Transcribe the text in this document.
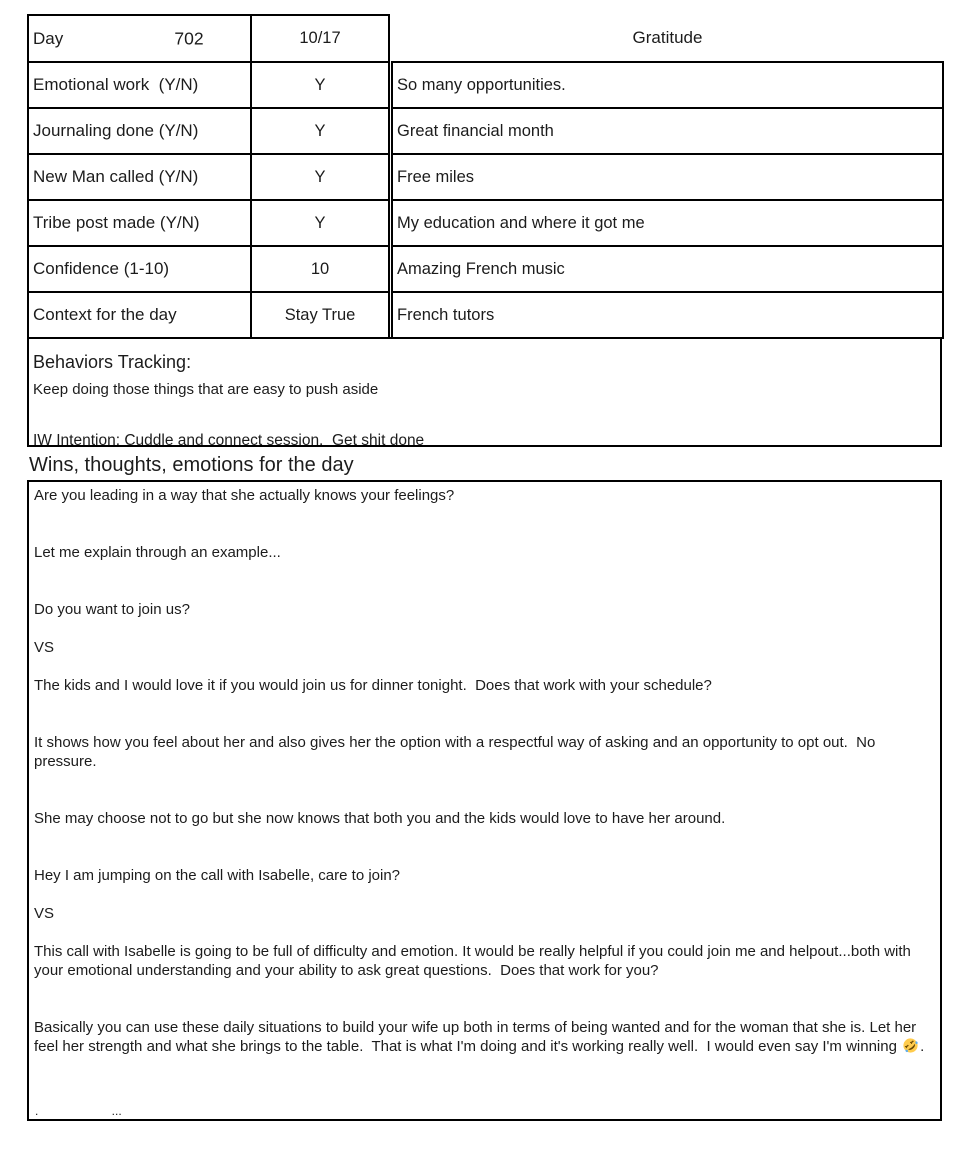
Day 702	10/17		Gratitude
Emotional work  (Y/N)	Y		So many opportunities.
Journaling done (Y/N)	Y		Great financial month
New Man called (Y/N)	Y		Free miles
Tribe post made (Y/N)	Y		My education and where it got me
Confidence (1-10)	10		Amazing French music
Context for the day	Stay True		French tutors
Behaviors Tracking:
Keep doing those things that are easy to push aside
IW Intention: Cuddle and connect session.  Get shit done
Wins, thoughts, emotions for the day
Are you leading in a way that she actually knows your feelings?
Let me explain through an example...
Do you want to join us?
VS
The kids and I would love it if you would join us for dinner tonight.  Does that work with your schedule?
It shows how you feel about her and also gives her the option with a respectful way of asking and an opportunity to opt out.  No pressure.
She may choose not to go but she now knows that both you and the kids would love to have her around.
Hey I am jumping on the call with Isabelle, care to join?
VS
This call with Isabelle is going to be full of difficulty and emotion. It would be really helpful if you could join me and helpout...both with your emotional understanding and your ability to ask great questions.  Does that work for you?
Basically you can use these daily situations to build your wife up both in terms of being wanted and for the woman that she is. Let her feel her strength and what she brings to the table.  That is what I'm doing and it's working really well.  I would even say I'm winning .
.                      ...
